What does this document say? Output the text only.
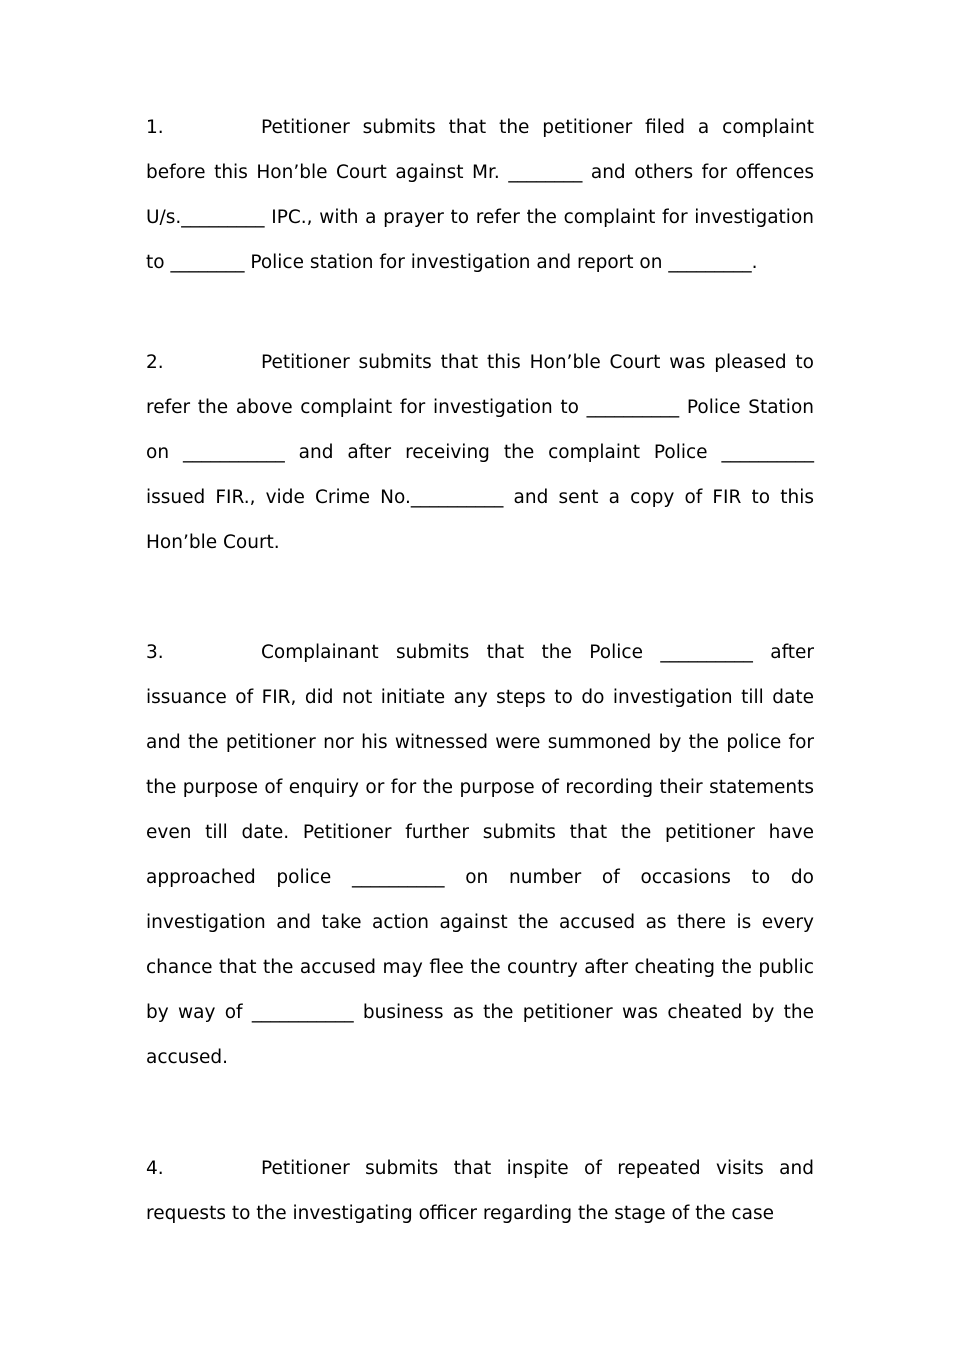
1.	Petitioner submits that the petitioner filed a complaint before this Hon’ble Court against Mr. ________ and others for offences U/s._________ IPC., with a prayer to refer the complaint for investigation to ________ Police station for investigation and report on _________.

2.	Petitioner submits that this Hon’ble Court was pleased to refer the above complaint for investigation to __________ Police Station on ___________ and after receiving the complaint Police __________ issued FIR., vide Crime No.__________ and sent a copy of FIR to this Hon’ble Court.

3.	Complainant submits that the Police __________ after issuance of FIR, did not initiate any steps to do investigation till date and the petitioner nor his witnessed were summoned by the police for the purpose of enquiry or for the purpose of recording their statements even till date. Petitioner further submits that the petitioner have approached police __________ on number of occasions to do investigation and take action against the accused as there is every chance that the accused may flee the country after cheating the public by way of ___________ business as the petitioner was cheated by the accused.

4.	Petitioner submits that inspite of repeated visits and requests to the investigating officer regarding the stage of the case
